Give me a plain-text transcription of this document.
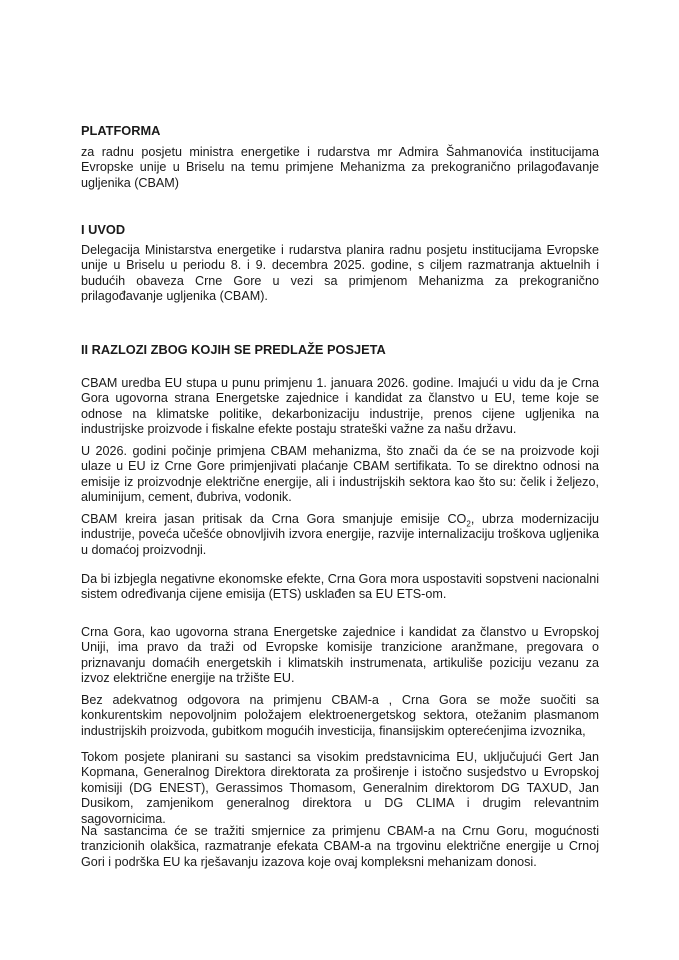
PLATFORMA

za radnu posjetu ministra energetike i rudarstva mr Admira Šahmanovića institucijama Evropske unije u Briselu na temu primjene Mehanizma za prekogranično prilagođavanje ugljenika (CBAM)

I UVOD

Delegacija Ministarstva energetike i rudarstva planira radnu posjetu institucijama Evropske unije u Briselu u periodu 8. i 9. decembra 2025. godine, s ciljem razmatranja aktuelnih i budućih obaveza Crne Gore u vezi sa primjenom Mehanizma za prekogranično prilagođavanje ugljenika (CBAM).

II RAZLOZI ZBOG KOJIH SE PREDLAŽE POSJETA

CBAM uredba EU stupa u punu primjenu 1. januara 2026. godine. Imajući u vidu da je Crna Gora ugovorna strana Energetske zajednice i kandidat za članstvo u EU, teme koje se odnose na klimatske politike, dekarbonizaciju industrije, prenos cijene ugljenika na industrijske proizvode i fiskalne efekte postaju strateški važne za našu državu.

U 2026. godini počinje primjena CBAM mehanizma, što znači da će se na proizvode koji ulaze u EU iz Crne Gore primjenjivati plaćanje CBAM sertifikata. To se direktno odnosi na emisije iz proizvodnje električne energije, ali i industrijskih sektora kao što su: čelik i željezo, aluminijum, cement, đubriva, vodonik.

CBAM kreira jasan pritisak da Crna Gora smanjuje emisije $CO_2$, ubrza modernizaciju industrije, poveća učešće obnovljivih izvora energije, razvije internalizaciju troškova ugljenika u domaćoj proizvodnji.

Da bi izbjegla negativne ekonomske efekte, Crna Gora mora uspostaviti sopstveni nacionalni sistem određivanja cijene emisija (ETS) usklađen sa EU ETS-om.

Crna Gora, kao ugovorna strana Energetske zajednice i kandidat za članstvo u Evropskoj Uniji, ima pravo da traži od Evropske komisije tranzicione aranžmane, pregovara o priznavanju domaćih energetskih i klimatskih instrumenata, artikuliše poziciju vezanu za izvoz električne energije na tržište EU.

Bez adekvatnog odgovora na primjenu CBAM-a , Crna Gora se može suočiti sa konkurentskim nepovoljnim položajem elektroenergetskog sektora, otežanim plasmanom industrijskih proizvoda, gubitkom mogućih investicija, finansijskim opterećenjima izvoznika,

Tokom posjete planirani su sastanci sa visokim predstavnicima EU, uključujući Gert Jan Kopmana, Generalnog Direktora direktorata za proširenje i istočno susjedstvo u Evropskoj komisiji (DG ENEST), Gerassimos Thomasom, Generalnim direktorom DG TAXUD, Jan Dusikom, zamjenikom generalnog direktora u DG CLIMA i drugim relevantnim sagovornicima.

Na sastancima će se tražiti smjernice za primjenu CBAM-a na Crnu Goru, mogućnosti tranzicionih olakšica, razmatranje efekata CBAM-a na trgovinu električne energije u Crnoj Gori i podrška EU ka rješavanju izazova koje ovaj kompleksni mehanizam donosi.
